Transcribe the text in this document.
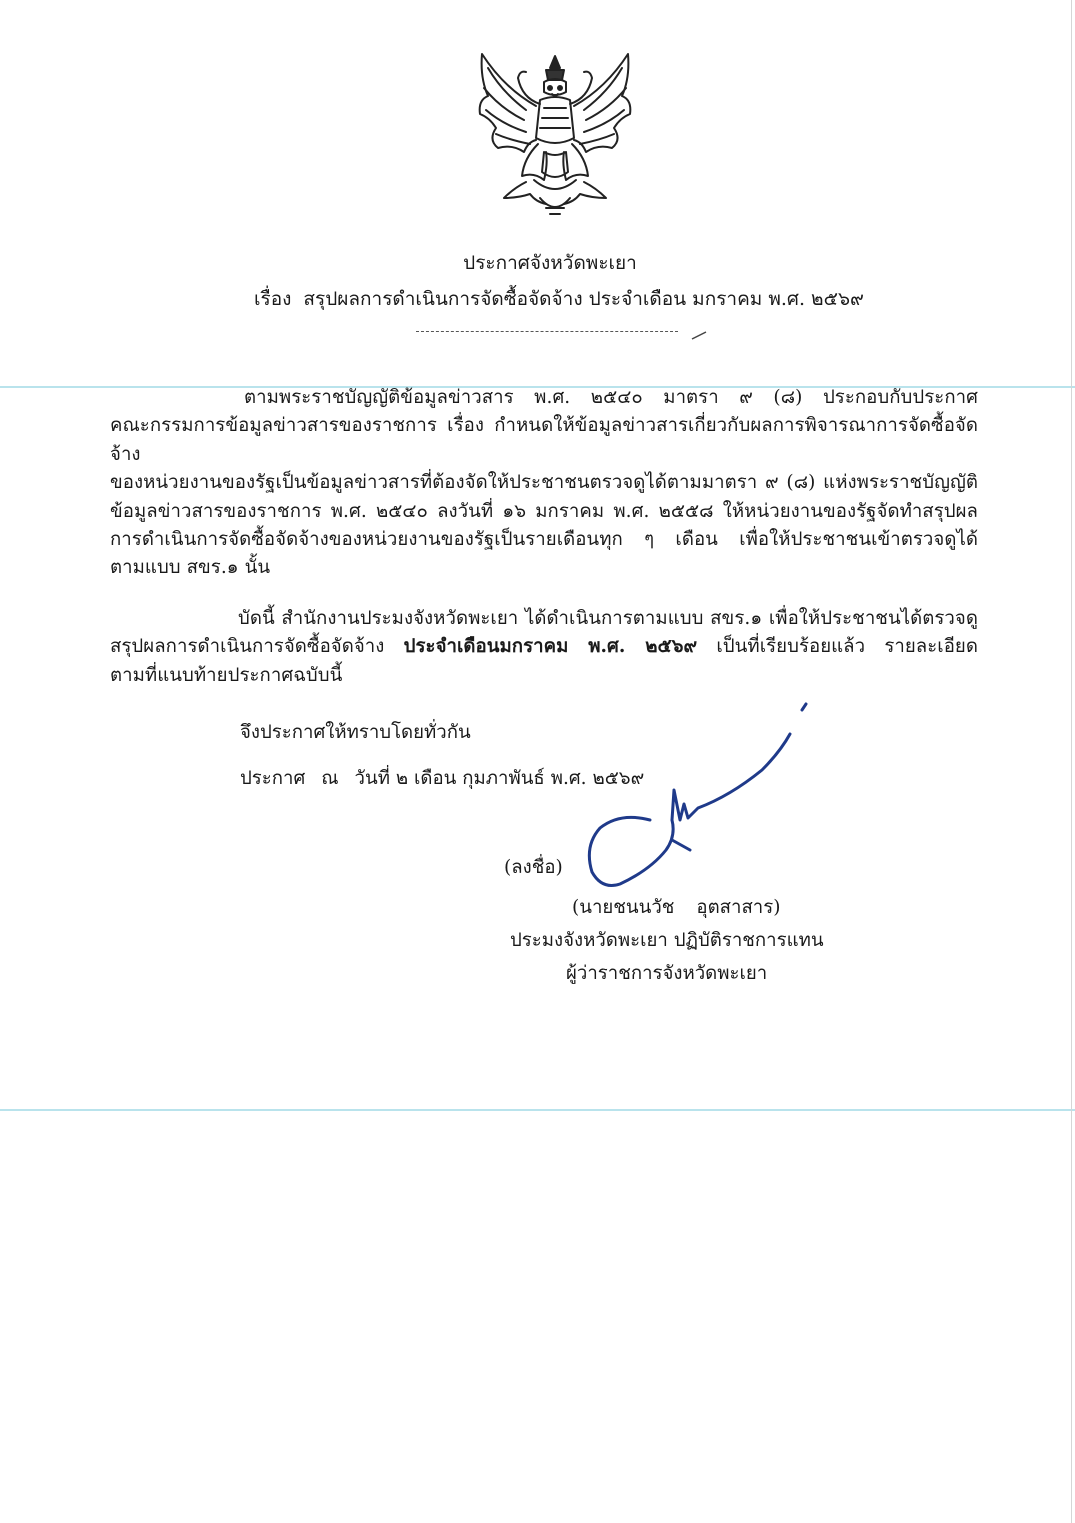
ประกาศจังหวัดพะเยา
เรื่อง สรุปผลการดำเนินการจัดซื้อจัดจ้าง ประจำเดือน มกราคม พ.ศ. ๒๕๖๙
ตามพระราชบัญญัติข้อมูลข่าวสาร พ.ศ. ๒๕๔๐ มาตรา ๙ (๘) ประกอบกับประกาศ
คณะกรรมการข้อมูลข่าวสารของราชการ เรื่อง กำหนดให้ข้อมูลข่าวสารเกี่ยวกับผลการพิจารณาการจัดซื้อจัดจ้าง
ของหน่วยงานของรัฐเป็นข้อมูลข่าวสารที่ต้องจัดให้ประชาชนตรวจดูได้ตามมาตรา ๙ (๘) แห่งพระราชบัญญัติ
ข้อมูลข่าวสารของราชการ พ.ศ. ๒๕๔๐ ลงวันที่ ๑๖ มกราคม พ.ศ. ๒๕๕๘ ให้หน่วยงานของรัฐจัดทำสรุปผล
การดำเนินการจัดซื้อจัดจ้างของหน่วยงานของรัฐเป็นรายเดือนทุก ๆ เดือน เพื่อให้ประชาชนเข้าตรวจดูได้
ตามแบบ สขร.๑ นั้น
บัดนี้ สำนักงานประมงจังหวัดพะเยา ได้ดำเนินการตามแบบ สขร.๑ เพื่อให้ประชาชนได้ตรวจดู
สรุปผลการดำเนินการจัดซื้อจัดจ้าง ประจำเดือนมกราคม พ.ศ. ๒๕๖๙ เป็นที่เรียบร้อยแล้ว รายละเอียด
ตามที่แนบท้ายประกาศฉบับนี้
จึงประกาศให้ทราบโดยทั่วกัน
ประกาศ ณ วันที่ ๒ เดือน กุมภาพันธ์ พ.ศ. ๒๕๖๙
(ลงชื่อ)
(นายชนนวัช อุตสาสาร)
ประมงจังหวัดพะเยา ปฏิบัติราชการแทน
ผู้ว่าราชการจังหวัดพะเยา
